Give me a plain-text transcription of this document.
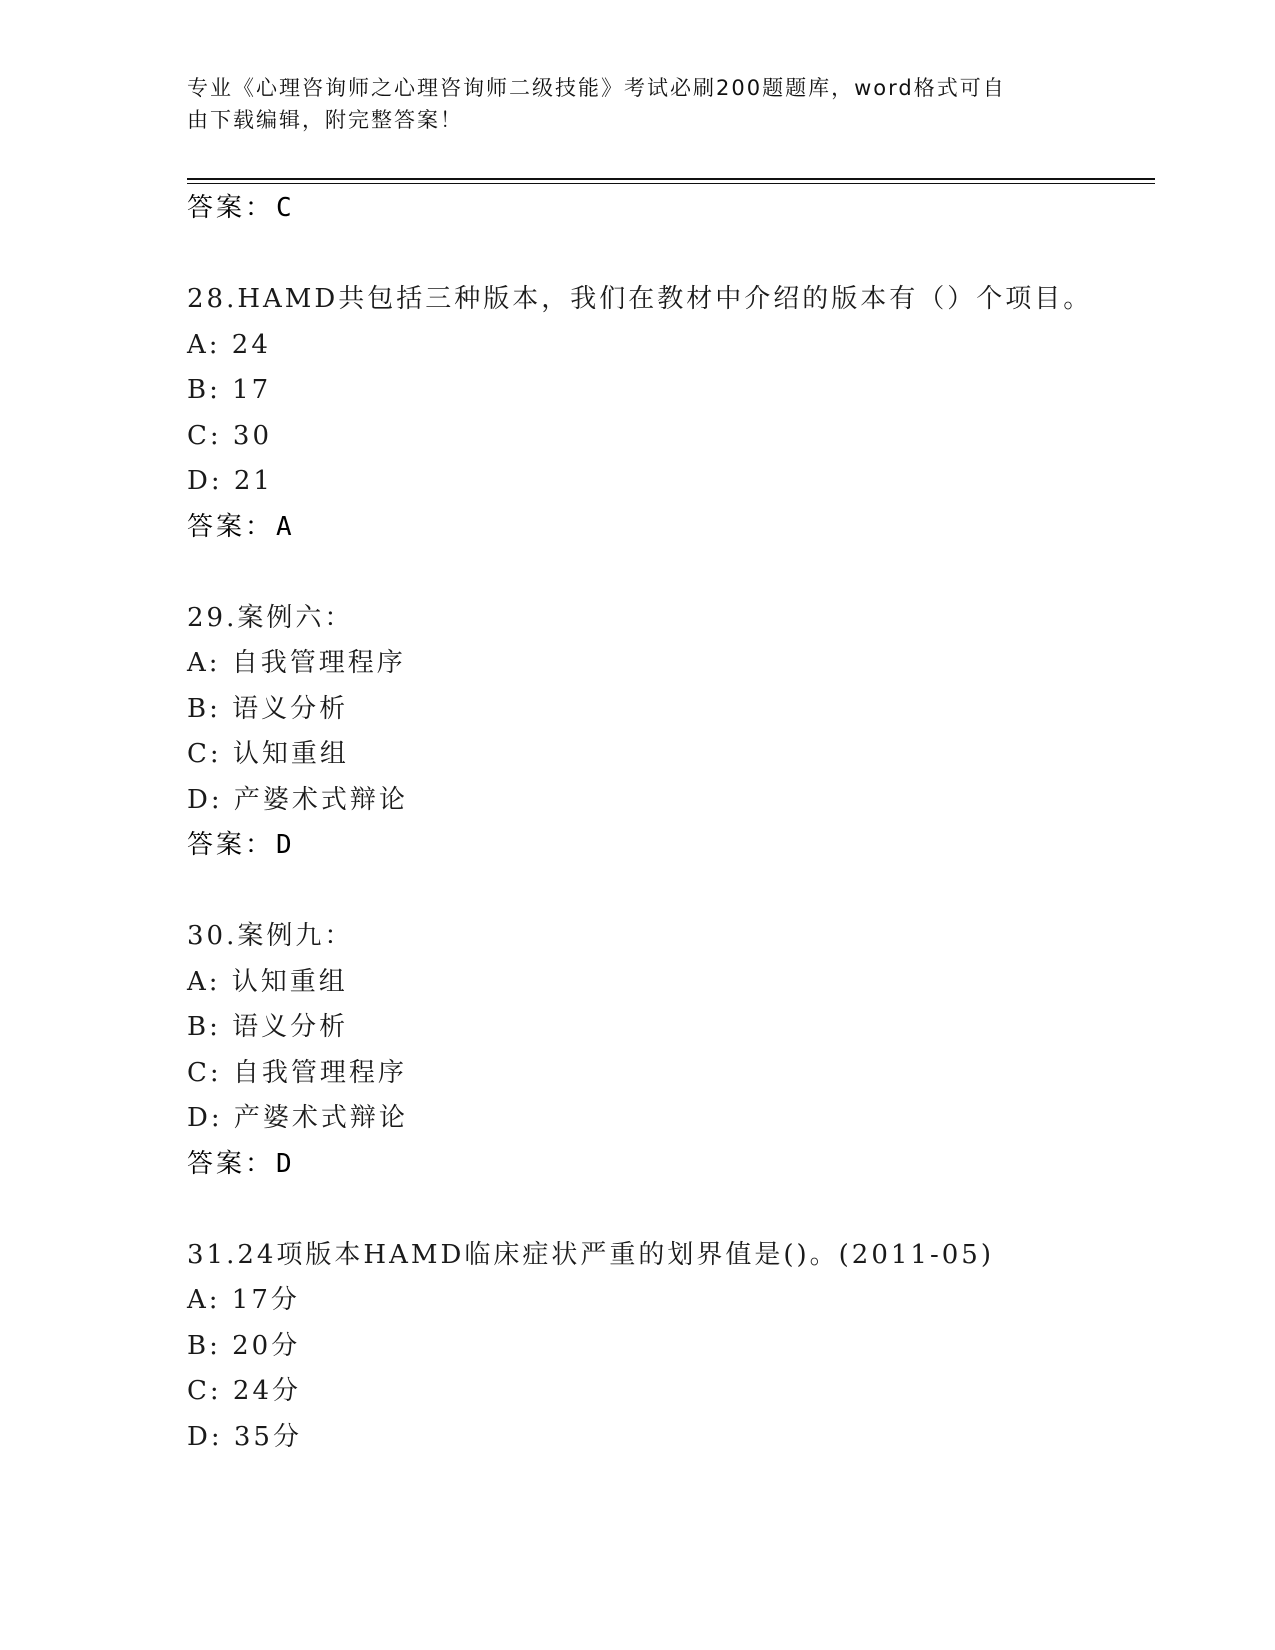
专业《心理咨询师之心理咨询师二级技能》考试必刷200题题库，word格式可自
由下载编辑，附完整答案！
答案：C
28.HAMD共包括三种版本，我们在教材中介绍的版本有（）个项目。
A: 24
B: 17
C: 30
D: 21
答案：A
29.案例六：
A: 自我管理程序
B: 语义分析
C: 认知重组
D: 产婆术式辩论
答案：D
30.案例九：
A: 认知重组
B: 语义分析
C: 自我管理程序
D: 产婆术式辩论
答案：D
31.24项版本HAMD临床症状严重的划界值是()。(2011-05)
A: 17分
B: 20分
C: 24分
D: 35分
